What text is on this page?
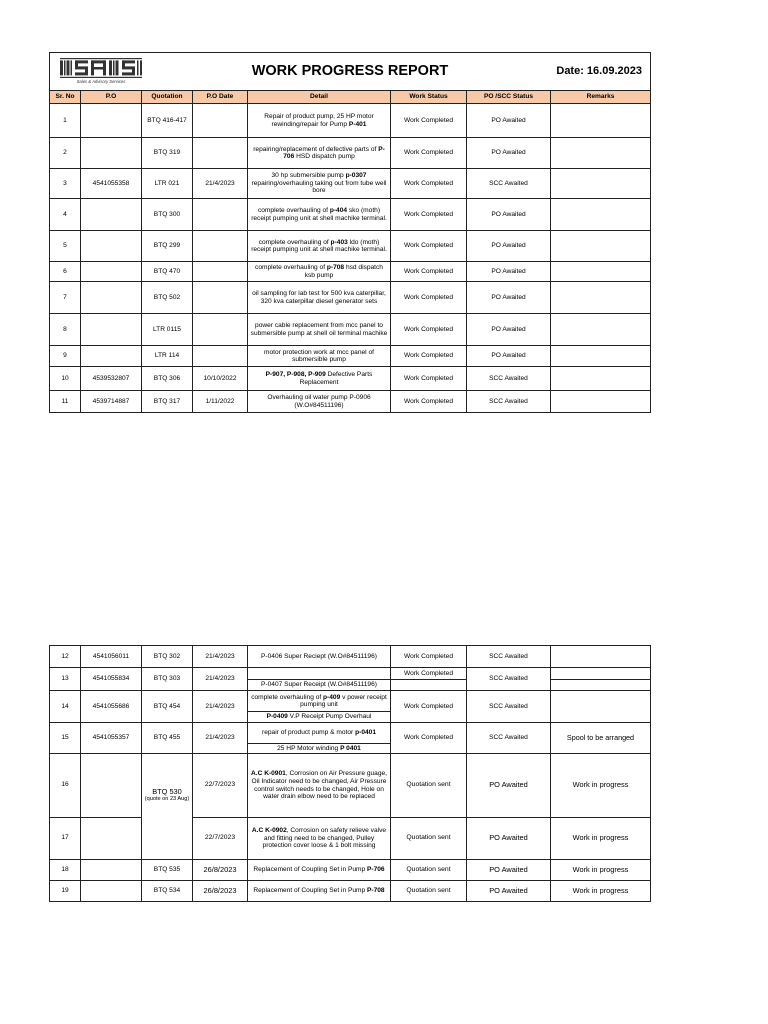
Sales & Advisory Services
WORK PROGRESS REPORT Date: 16.09.2023							

Sr. No	P.O	Quotation	P.O Date	Detail	Work Status	PO /SCC Status	Remarks
1		BTQ 416-417		Repair of product pump, 25 HP motor rewinding/repair for Pump P-401	Work Completed	PO Awaited	
2		BTQ 319		repairing/replacement of defective parts of P-706 HSD dispatch pump	Work Completed	PO Awaited	
3	4541055358	LTR 021	21/4/2023	30 hp submersible pump p-0307 repairing/overhauling taking out from tube well bore	Work Completed	SCC Awaited	
4		BTQ 300		complete overhauling of p-404 sko (moth) receipt pumping unit at shell machike terminal.	Work Completed	PO Awaited	
5		BTQ 299		complete overhauling of p-403 ldo (moth) receipt pumping unit at shell machike terminal.	Work Completed	PO Awaited	
6		BTQ 470		complete overhauling of p-708 hsd dispatch ksb pump	Work Completed	PO Awaited	
7		BTQ 502		oil sampling for lab test for 500 kva caterpillar, 320 kva caterpillar diesel generator sets	Work Completed	PO Awaited	
8		LTR 0115		power cable replacement from mcc panel to submersible pump at shell oil terminal machike	Work Completed	PO Awaited	
9		LTR 114		motor protection work at mcc panel of submersible pump	Work Completed	PO Awaited	
10	4539532807	BTQ 306	10/10/2022	P-907, P-908, P-909 Defective Parts Replacement	Work Completed	SCC Awaited	
11	4539714887	BTQ 317	1/11/2022	Overhauling oil water pump P-0906 (W.O#84511196)	Work Completed	SCC Awaited	
12	4541056011	BTQ 302	21/4/2023	P-0406 Super Reciept (W.O#84511196)	Work Completed	SCC Awaited	
13	4541055834	BTQ 303	21/4/2023		Work Completed	SCC Awaited	
				P-0407 Super Receipt (W.O#84511196)			
14	4541055686	BTQ 454	21/4/2023	complete overhauling of p-409 v power receipt pumping unit	Work Completed	SCC Awaited	
				P-0409 V.P Receipt Pump Overhaul			
15	4541055357	BTQ 455	21/4/2023	repair of product pump & motor p-0401	Work Completed	SCC Awaited	Spool to be arranged
				25 HP Motor winding P 0401			
16		BTQ 530
(quote on 23 Aug)	22/7/2023	A.C K-0901, Corrosion on Air Pressure guage, Oil Indicator need to be changed, Air Pressure control switch needs to be changed, Hole on water drain elbow need to be replaced	Quotation sent	PO Awaited	Work in progress
17			22/7/2023	A.C K-0902, Corrosion on safety relieve valve and fitting need to be changed, Pulley protection cover loose & 1 bolt missing	Quotation sent	PO Awaited	Work in progress
18		BTQ 535	26/8/2023	Replacement of Coupling Set in Pump P-706	Quotation sent	PO Awaited	Work in progress
19		BTQ 534	26/8/2023	Replacement of Coupling Set in Pump P-708	Quotation sent	PO Awaited	Work in progress
